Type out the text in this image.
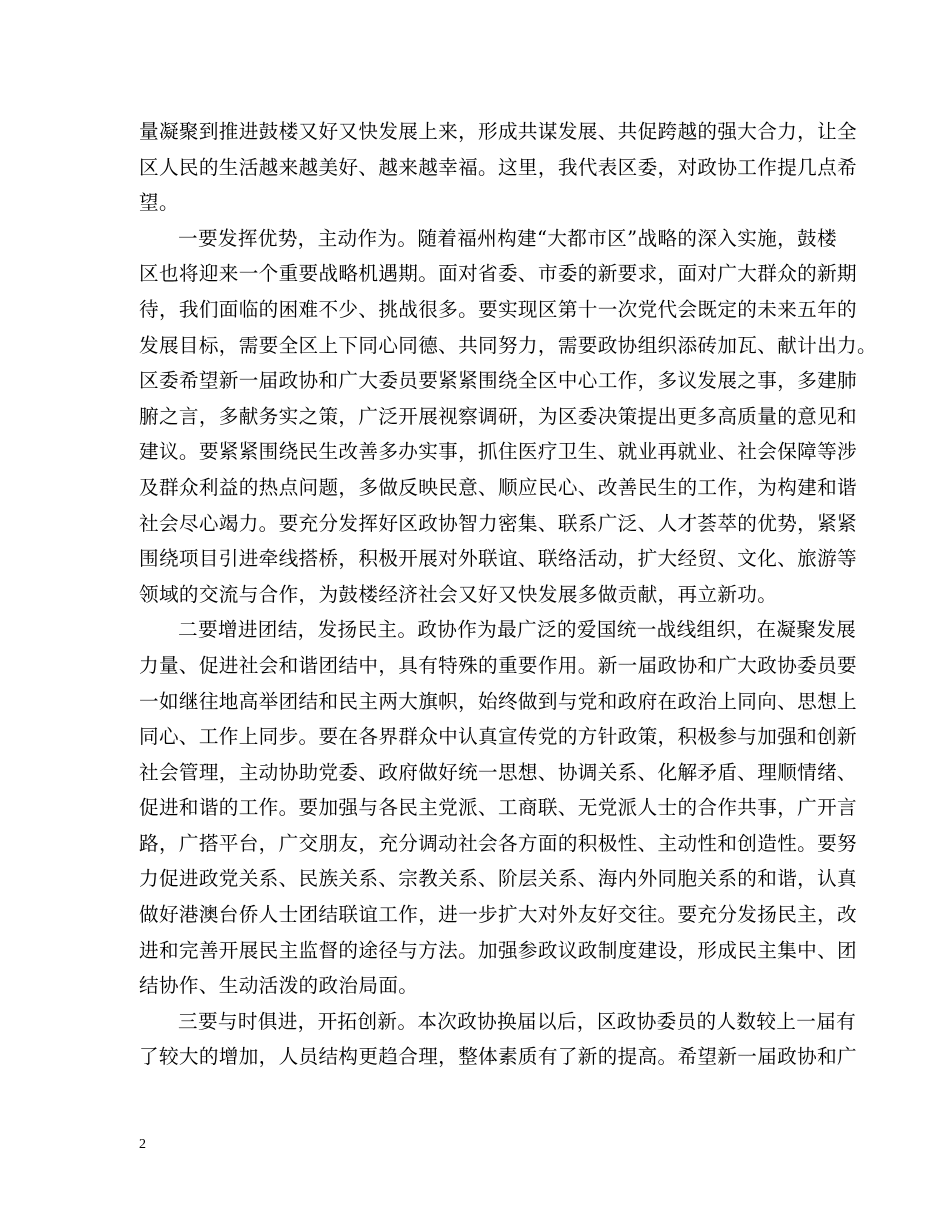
量凝聚到推进鼓楼又好又快发展上来，形成共谋发展、共促跨越的强大合力，让全
区人民的生活越来越美好、越来越幸福。这里，我代表区委，对政协工作提几点希
望。
一要发挥优势，主动作为。随着福州构建“大都市区”战略的深入实施，鼓楼
区也将迎来一个重要战略机遇期。面对省委、市委的新要求，面对广大群众的新期
待，我们面临的困难不少、挑战很多。要实现区第十一次党代会既定的未来五年的
发展目标，需要全区上下同心同德、共同努力，需要政协组织添砖加瓦、献计出力。
区委希望新一届政协和广大委员要紧紧围绕全区中心工作，多议发展之事，多建肺
腑之言，多献务实之策，广泛开展视察调研，为区委决策提出更多高质量的意见和
建议。要紧紧围绕民生改善多办实事，抓住医疗卫生、就业再就业、社会保障等涉
及群众利益的热点问题，多做反映民意、顺应民心、改善民生的工作，为构建和谐
社会尽心竭力。要充分发挥好区政协智力密集、联系广泛、人才荟萃的优势，紧紧
围绕项目引进牵线搭桥，积极开展对外联谊、联络活动，扩大经贸、文化、旅游等
领域的交流与合作，为鼓楼经济社会又好又快发展多做贡献，再立新功。
二要增进团结，发扬民主。政协作为最广泛的爱国统一战线组织，在凝聚发展
力量、促进社会和谐团结中，具有特殊的重要作用。新一届政协和广大政协委员要
一如继往地高举团结和民主两大旗帜，始终做到与党和政府在政治上同向、思想上
同心、工作上同步。要在各界群众中认真宣传党的方针政策，积极参与加强和创新
社会管理，主动协助党委、政府做好统一思想、协调关系、化解矛盾、理顺情绪、
促进和谐的工作。要加强与各民主党派、工商联、无党派人士的合作共事，广开言
路，广搭平台，广交朋友，充分调动社会各方面的积极性、主动性和创造性。要努
力促进政党关系、民族关系、宗教关系、阶层关系、海内外同胞关系的和谐，认真
做好港澳台侨人士团结联谊工作，进一步扩大对外友好交往。要充分发扬民主，改
进和完善开展民主监督的途径与方法。加强参政议政制度建设，形成民主集中、团
结协作、生动活泼的政治局面。
三要与时俱进，开拓创新。本次政协换届以后，区政协委员的人数较上一届有
了较大的增加，人员结构更趋合理，整体素质有了新的提高。希望新一届政协和广
2
